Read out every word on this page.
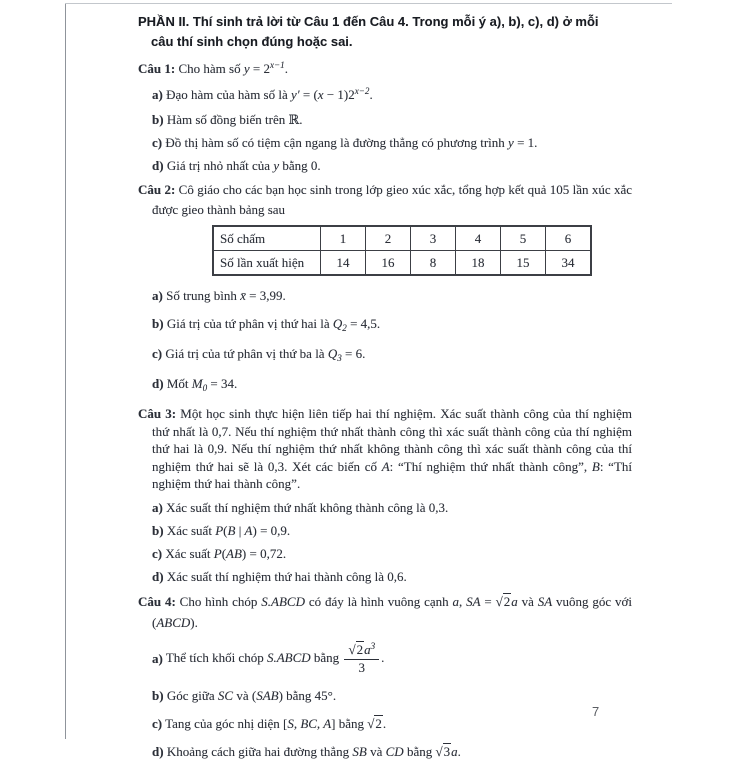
PHẦN II. Thí sinh trả lời từ Câu 1 đến Câu 4. Trong mỗi ý a), b), c), d) ở mỗi
câu thí sinh chọn đúng hoặc sai.

Câu 1: Cho hàm số $y = 2^{x-1}$.

a) Đạo hàm của hàm số là $y' = (x - 1)2^{x-2}$.

b) Hàm số đồng biến trên ℝ.

c) Đồ thị hàm số có tiệm cận ngang là đường thẳng có phương trình y = 1.

d) Giá trị nhỏ nhất của y bằng 0.

Câu 2: Cô giáo cho các bạn học sinh trong lớp gieo xúc xắc, tổng hợp kết quả 105 lần xúc xắc được gieo thành bảng sau

Số chấm	1	2	3	4	5	6
Số lần xuất hiện	14	16	8	18	15	34

a) Số trung bình x̄ = 3,99.

b) Giá trị của tứ phân vị thứ hai là $Q_2 = 4,5$.

c) Giá trị của tứ phân vị thứ ba là $Q_3 = 6$.

d) Mốt $M_0 = 34$.

Câu 3: Một học sinh thực hiện liên tiếp hai thí nghiệm. Xác suất thành công của thí nghiệm thứ nhất là 0,7. Nếu thí nghiệm thứ nhất thành công thì xác suất thành công của thí nghiệm thứ hai là 0,9. Nếu thí nghiệm thứ nhất không thành công thì xác suất thành công của thí nghiệm thứ hai sẽ là 0,3. Xét các biến cố A: “Thí nghiệm thứ nhất thành công”, B: “Thí nghiệm thứ hai thành công”.

a) Xác suất thí nghiệm thứ nhất không thành công là 0,3.

b) Xác suất P(B | A) = 0,9.

c) Xác suất P(AB) = 0,72.

d) Xác suất thí nghiệm thứ hai thành công là 0,6.

Câu 4: Cho hình chóp S.ABCD có đáy là hình vuông cạnh a, SA = √2a và SA vuông góc với (ABCD).

a) Thể tích khối chóp S.ABCD bằng $\frac{√2a^3}{3}$ .

b) Góc giữa SC và (SAB) bằng 45°.

c) Tang của góc nhị diện [S, BC, A] bằng √2.

d) Khoảng cách giữa hai đường thẳng SB và CD bằng √3a.

7
